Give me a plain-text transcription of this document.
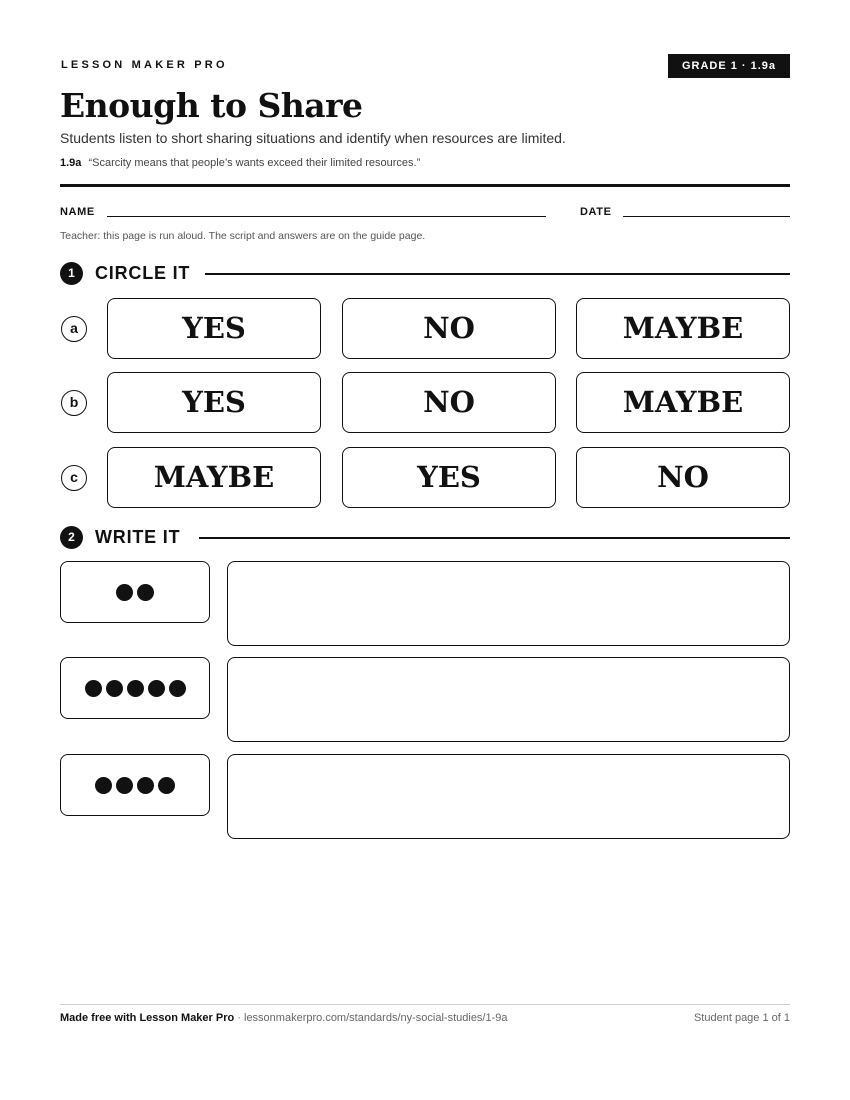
LESSON MAKER PRO	GRADE 1 · 1.9a
Enough to Share
Students listen to short sharing situations and identify when resources are limited.
1.9a “Scarcity means that people’s wants exceed their limited resources.”
NAME	DATE
Teacher: this page is run aloud. The script and answers are on the guide page.
1	CIRCLE IT
a	YES	NO	MAYBE
b	YES	NO	MAYBE
c	MAYBE	YES	NO
2	WRITE IT
Made free with Lesson Maker Pro · lessonmakerpro.com/standards/ny-social-studies/1-9a	Student page 1 of 1
